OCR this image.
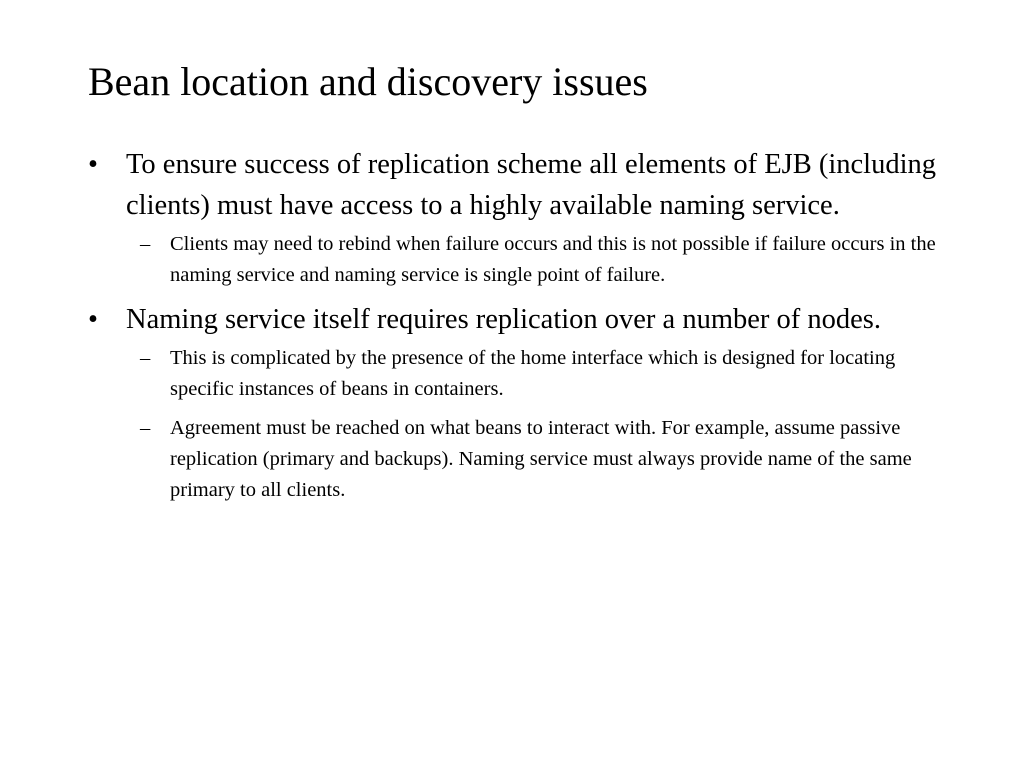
Bean location and discovery issues
• To ensure success of replication scheme all elements of EJB (including clients) must have access to a highly available naming service.
– Clients may need to rebind when failure occurs and this is not possible if failure occurs in the naming service and naming service is single point of failure.
• Naming service itself requires replication over a number of nodes.
– This is complicated by the presence of the home interface which is designed for locating specific instances of beans in containers.
– Agreement must be reached on what beans to interact with. For example, assume passive replication (primary and backups). Naming service must always provide name of the same primary to all clients.
